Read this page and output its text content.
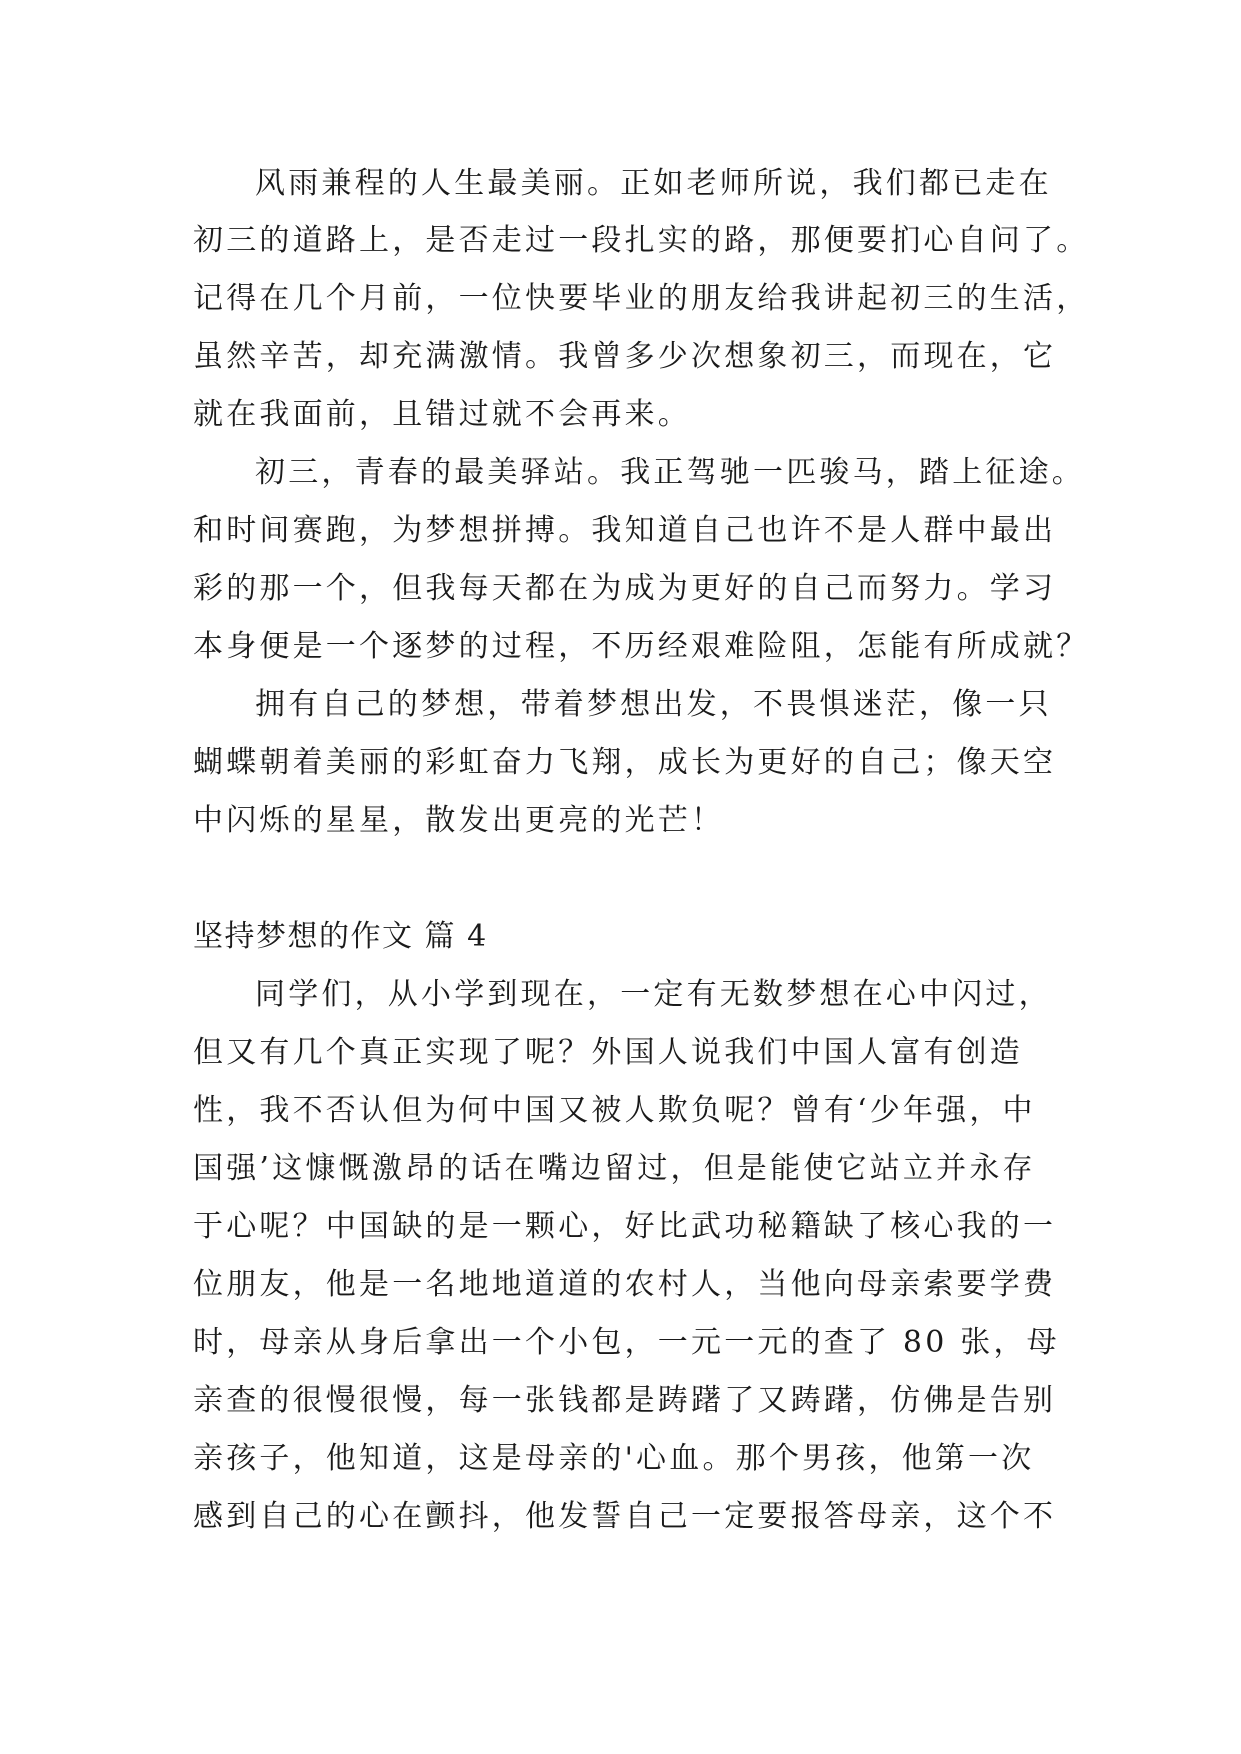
风雨兼程的人生最美丽。正如老师所说，我们都已走在
初三的道路上，是否走过一段扎实的路，那便要扪心自问了。
记得在几个月前，一位快要毕业的朋友给我讲起初三的生活，
虽然辛苦，却充满激情。我曾多少次想象初三，而现在，它
就在我面前，且错过就不会再来。
初三，青春的最美驿站。我正驾驰一匹骏马，踏上征途。
和时间赛跑，为梦想拼搏。我知道自己也许不是人群中最出
彩的那一个，但我每天都在为成为更好的自己而努力。学习
本身便是一个逐梦的过程，不历经艰难险阻，怎能有所成就？
拥有自己的梦想，带着梦想出发，不畏惧迷茫，像一只
蝴蝶朝着美丽的彩虹奋力飞翔，成长为更好的自己；像天空
中闪烁的星星，散发出更亮的光芒！
坚持梦想的作文 篇 4
同学们，从小学到现在，一定有无数梦想在心中闪过，
但又有几个真正实现了呢？外国人说我们中国人富有创造
性，我不否认但为何中国又被人欺负呢？曾有‘少年强，中
国强’这慷慨激昂的话在嘴边留过，但是能使它站立并永存
于心呢？中国缺的是一颗心，好比武功秘籍缺了核心我的一
位朋友，他是一名地地道道的农村人，当他向母亲索要学费
时，母亲从身后拿出一个小包，一元一元的查了 80 张，母
亲查的很慢很慢，每一张钱都是踌躇了又踌躇，仿佛是告别
亲孩子，他知道，这是母亲的'心血。那个男孩，他第一次
感到自己的心在颤抖，他发誓自己一定要报答母亲，这个不
